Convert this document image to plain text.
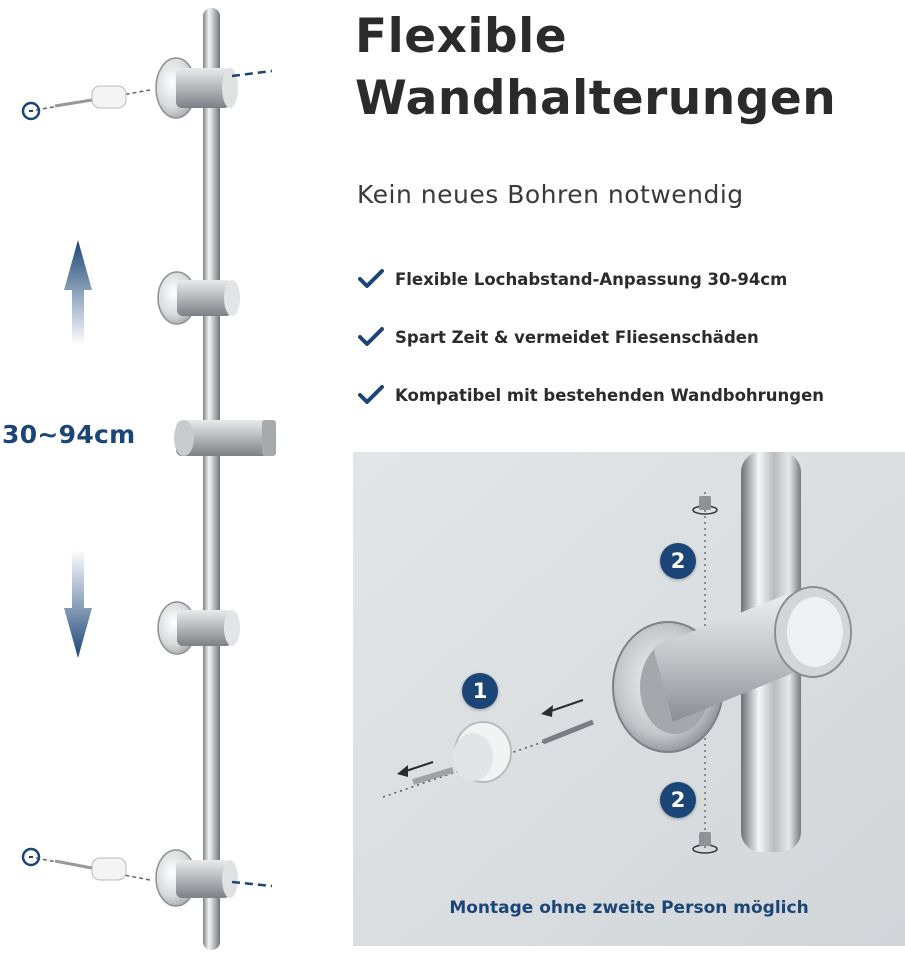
30~94cm
Flexible
Wandhalterungen
Kein neues Bohren notwendig
Flexible Lochabstand-Anpassung 30-94cm
Spart Zeit & vermeidet Fliesenschäden
Kompatibel mit bestehenden Wandbohrungen
2
1
2
Montage ohne zweite Person möglich
